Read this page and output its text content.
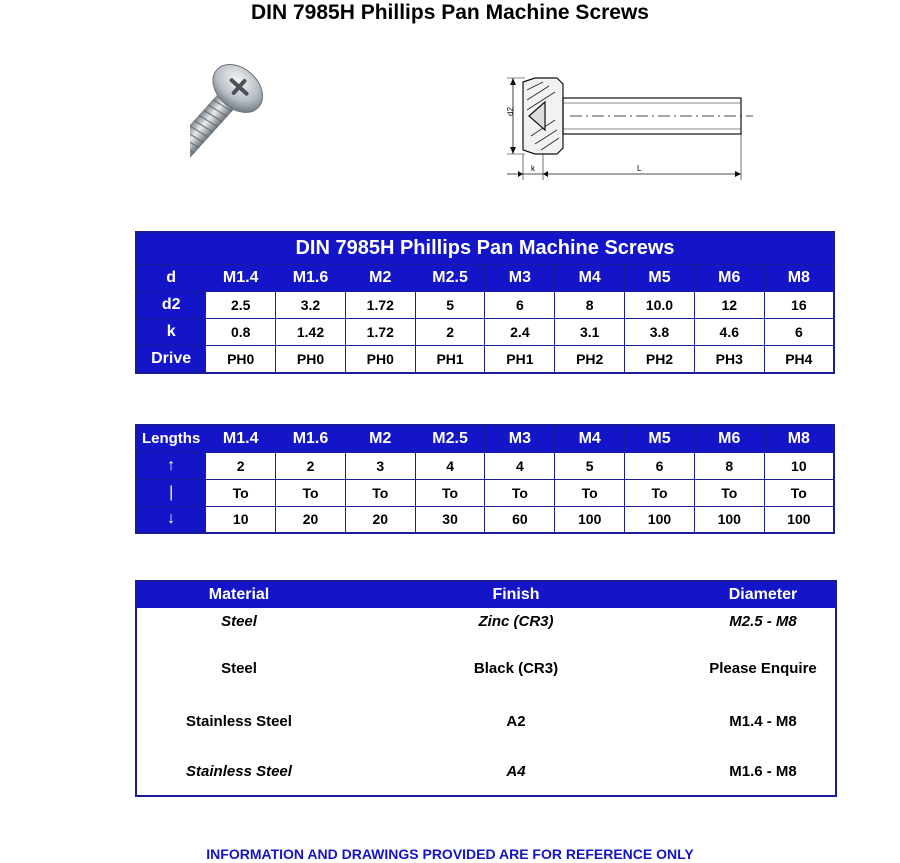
DIN 7985H Phillips Pan Machine Screws
d2
k	L
DIN 7985H Phillips Pan Machine Screws									
d	M1.4	M1.6	M2	M2.5	M3	M4	M5	M6	M8
d2	2.5	3.2	1.72	5	6	8	10.0	12	16
k	0.8	1.42	1.72	2	2.4	3.1	3.8	4.6	6
Drive	PH0	PH0	PH0	PH1	PH1	PH2	PH2	PH3	PH4
Lengths	M1.4	M1.6	M2	M2.5	M3	M4	M5	M6	M8
↑	2	2	3	4	4	5	6	8	10
|	To	To	To	To	To	To	To	To	To
↓	10	20	20	30	60	100	100	100	100
Material	Finish	Diameter
Steel	Zinc (CR3)	M2.5 - M8
Steel	Black (CR3)	Please Enquire
Stainless Steel	A2	M1.4 - M8
Stainless Steel	A4	M1.6 - M8
INFORMATION AND DRAWINGS PROVIDED ARE FOR REFERENCE ONLY
